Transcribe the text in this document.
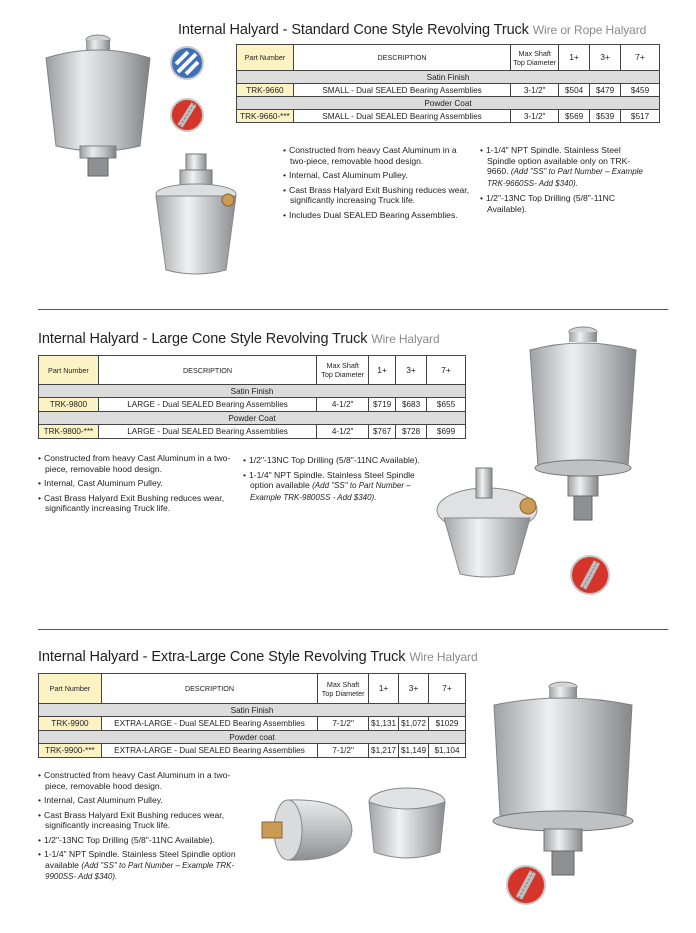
Internal Halyard - Standard Cone Style Revolving Truck Wire or Rope Halyard
Part Number	DESCRIPTION	Max Shaft
Top Diameter	1+	3+	7+
Satin Finish					
TRK-9660	SMALL - Dual SEALED Bearing Assemblies	3-1/2"	$504	$479	$459
Powder Coat					
TRK-9660-***	SMALL - Dual SEALED Bearing Assemblies	3-1/2"	$569	$539	$517
• Constructed from heavy Cast Aluminum in a two-piece, removable hood design.
• Internal, Cast Aluminum Pulley.
• Cast Brass Halyard Exit Bushing reduces wear, significantly increasing Truck life.
• Includes Dual SEALED Bearing Assemblies.
• 1-1/4" NPT Spindle. Stainless Steel Spindle option available only on TRK-9660. (Add "SS" to Part Number – Example TRK-9660SS- Add $340).
• 1/2"-13NC Top Drilling (5/8"-11NC Available).
Internal Halyard - Large Cone Style Revolving Truck Wire Halyard
Part Number	DESCRIPTION	Max Shaft
Top Diameter	1+	3+	7+
Satin Finish					
TRK-9800	LARGE - Dual SEALED Bearing Assemblies	4-1/2"	$719	$683	$655
Powder Coat					
TRK-9800-***	LARGE - Dual SEALED Bearing Assemblies	4-1/2"	$767	$728	$699
• Constructed from heavy Cast Aluminum in a two-piece, removable hood design.
• Internal, Cast Aluminum Pulley.
• Cast Brass Halyard Exit Bushing reduces wear, significantly increasing Truck life.
• 1/2"-13NC Top Drilling (5/8"-11NC Available).
• 1-1/4" NPT Spindle. Stainless Steel Spindle option available (Add "SS" to Part Number – Example TRK-9800SS - Add $340).
Internal Halyard - Extra-Large Cone Style Revolving Truck Wire Halyard
Part Number	DESCRIPTION	Max Shaft
Top Diameter	1+	3+	7+
Satin Finish					
TRK-9900	EXTRA-LARGE - Dual SEALED Bearing Assemblies	7-1/2"	$1,131	$1,072	$1029
Powder coat					
TRK-9900-***	EXTRA-LARGE - Dual SEALED Bearing Assemblies	7-1/2"	$1,217	$1,149	$1,104
• Constructed from heavy Cast Aluminum in a two-piece, removable hood design.
• Internal, Cast Aluminum Pulley.
• Cast Brass Halyard Exit Bushing reduces wear, significantly increasing Truck life.
• 1/2"-13NC Top Drilling (5/8"-11NC Available).
• 1-1/4" NPT Spindle. Stainless Steel Spindle option available (Add "SS" to Part Number – Example TRK-9900SS- Add $340).
